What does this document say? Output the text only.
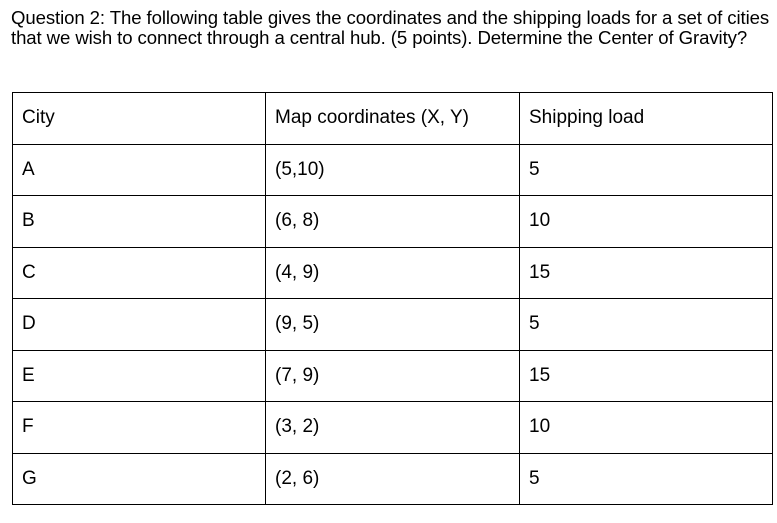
Question 2: The following table gives the coordinates and the shipping loads for a set of cities that we wish to connect through a central hub. (5 points). Determine the Center of Gravity?
City	Map coordinates (X, Y)	Shipping load
A	(5,10)	5
B	(6, 8)	10
C	(4, 9)	15
D	(9, 5)	5
E	(7, 9)	15
F	(3, 2)	10
G	(2, 6)	5
